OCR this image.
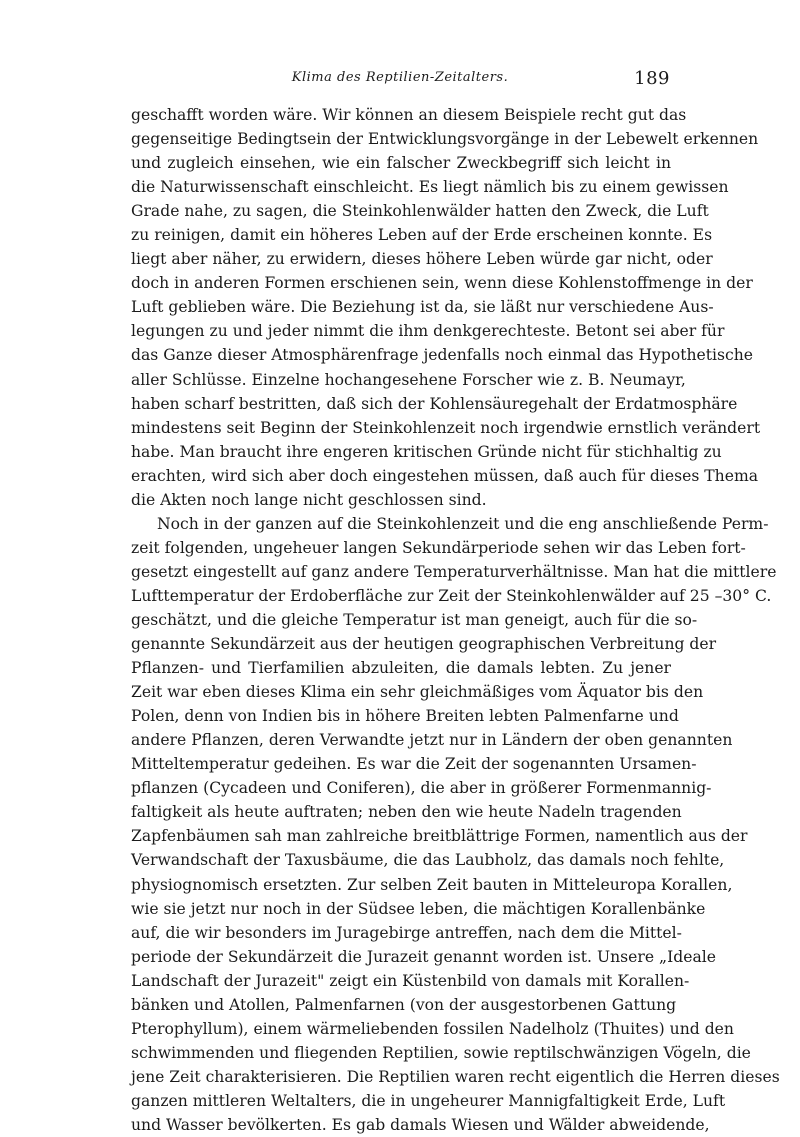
Klima des Reptilien-Zeitalters.	189
geschafft worden wäre. Wir können an diesem Beispiele recht gut das
gegenseitige Bedingtsein der Entwicklungsvorgänge in der Lebewelt erkennen
und zugleich einsehen, wie ein falscher Zweckbegriff sich leicht in
die Naturwissenschaft einschleicht. Es liegt nämlich bis zu einem gewissen
Grade nahe, zu sagen, die Steinkohlenwälder hatten den Zweck, die Luft
zu reinigen, damit ein höheres Leben auf der Erde erscheinen konnte. Es
liegt aber näher, zu erwidern, dieses höhere Leben würde gar nicht, oder
doch in anderen Formen erschienen sein, wenn diese Kohlenstoffmenge in der
Luft geblieben wäre. Die Beziehung ist da, sie läßt nur verschiedene Aus-
legungen zu und jeder nimmt die ihm denkgerechteste. Betont sei aber für
das Ganze dieser Atmosphärenfrage jedenfalls noch einmal das Hypothetische
aller Schlüsse. Einzelne hochangesehene Forscher wie z. B. Neumayr,
haben scharf bestritten, daß sich der Kohlensäuregehalt der Erdatmosphäre
mindestens seit Beginn der Steinkohlenzeit noch irgendwie ernstlich verändert
habe. Man braucht ihre engeren kritischen Gründe nicht für stichhaltig zu
erachten, wird sich aber doch eingestehen müssen, daß auch für dieses Thema
die Akten noch lange nicht geschlossen sind.
Noch in der ganzen auf die Steinkohlenzeit und die eng anschließende Perm-
zeit folgenden, ungeheuer langen Sekundärperiode sehen wir das Leben fort-
gesetzt eingestellt auf ganz andere Temperaturverhältnisse. Man hat die mittlere
Lufttemperatur der Erdoberfläche zur Zeit der Steinkohlenwälder auf 25 –30° C.
geschätzt, und die gleiche Temperatur ist man geneigt, auch für die so-
genannte Sekundärzeit aus der heutigen geographischen Verbreitung der
Pflanzen- und Tierfamilien abzuleiten, die damals lebten. Zu jener
Zeit war eben dieses Klima ein sehr gleichmäßiges vom Äquator bis den
Polen, denn von Indien bis in höhere Breiten lebten Palmenfarne und
andere Pflanzen, deren Verwandte jetzt nur in Ländern der oben genannten
Mitteltemperatur gedeihen. Es war die Zeit der sogenannten Ursamen-
pflanzen (Cycadeen und Coniferen), die aber in größerer Formenmannig-
faltigkeit als heute auftraten; neben den wie heute Nadeln tragenden
Zapfenbäumen sah man zahlreiche breitblättrige Formen, namentlich aus der
Verwandschaft der Taxusbäume, die das Laubholz, das damals noch fehlte,
physiognomisch ersetzten. Zur selben Zeit bauten in Mitteleuropa Korallen,
wie sie jetzt nur noch in der Südsee leben, die mächtigen Korallenbänke
auf, die wir besonders im Juragebirge antreffen, nach dem die Mittel-
periode der Sekundärzeit die Jurazeit genannt worden ist. Unsere „Ideale
Landschaft der Jurazeit" zeigt ein Küstenbild von damals mit Korallen-
bänken und Atollen, Palmenfarnen (von der ausgestorbenen Gattung
Pterophyllum), einem wärmeliebenden fossilen Nadelholz (Thuites) und den
schwimmenden und fliegenden Reptilien, sowie reptilschwänzigen Vögeln, die
jene Zeit charakterisieren. Die Reptilien waren recht eigentlich die Herren dieses
ganzen mittleren Weltalters, die in ungeheurer Mannigfaltigkeit Erde, Luft
und Wasser bevölkerten. Es gab damals Wiesen und Wälder abweidende,
